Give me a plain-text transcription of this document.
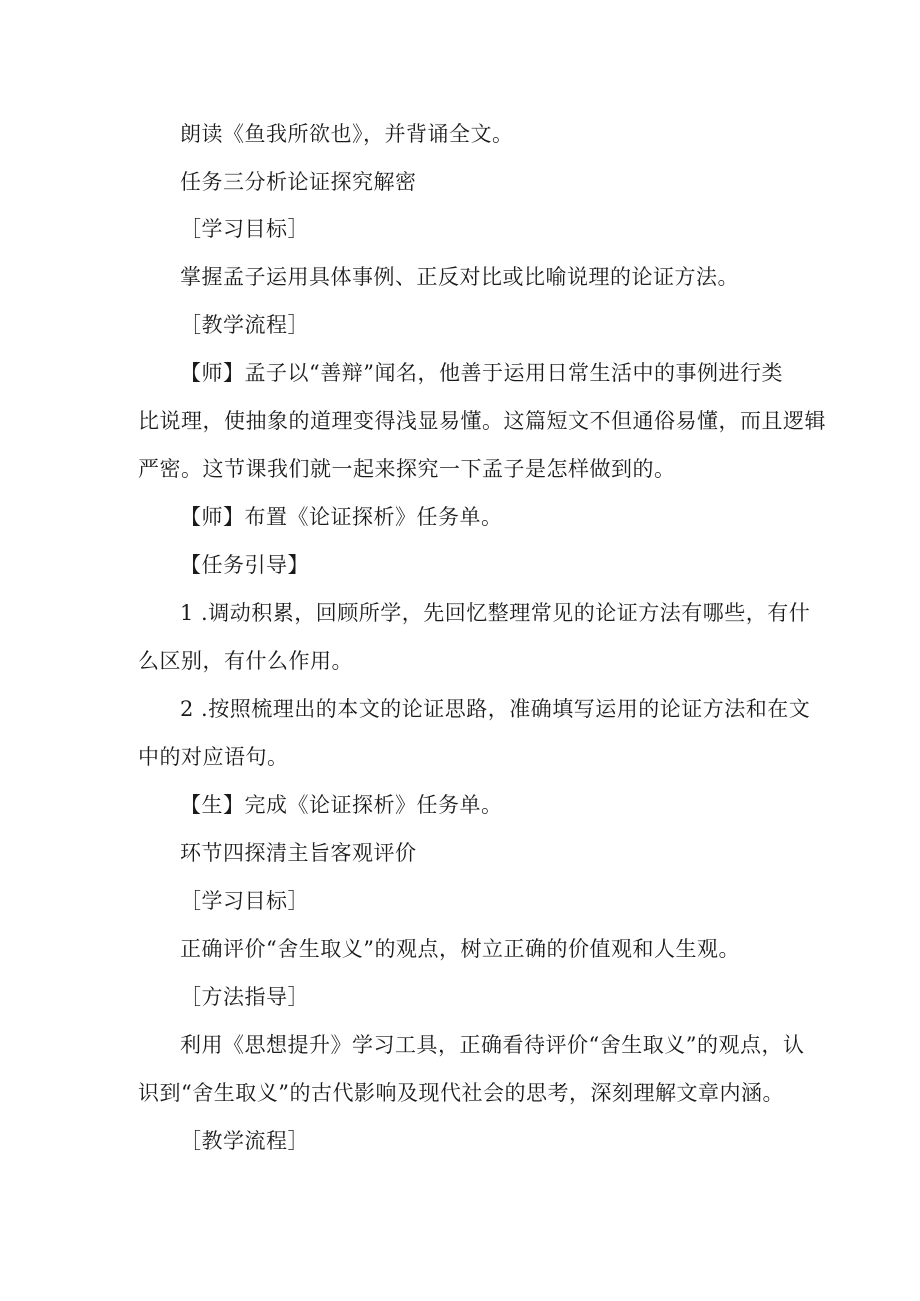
朗读《鱼我所欲也》，并背诵全文。
任务三分析论证探究解密
［学习目标］
掌握孟子运用具体事例、正反对比或比喻说理的论证方法。
［教学流程］
【师】孟子以“善辩”闻名，他善于运用日常生活中的事例进行类
比说理，使抽象的道理变得浅显易懂。这篇短文不但通俗易懂，而且逻辑
严密。这节课我们就一起来探究一下孟子是怎样做到的。
【师】布置《论证探析》任务单。
【任务引导】
1 .调动积累，回顾所学，先回忆整理常见的论证方法有哪些，有什
么区别，有什么作用。
2 .按照梳理出的本文的论证思路，准确填写运用的论证方法和在文
中的对应语句。
【生】完成《论证探析》任务单。
环节四探清主旨客观评价
［学习目标］
正确评价“舍生取义”的观点，树立正确的价值观和人生观。
［方法指导］
利用《思想提升》学习工具，正确看待评价“舍生取义”的观点，认
识到“舍生取义”的古代影响及现代社会的思考，深刻理解文章内涵。
［教学流程］
